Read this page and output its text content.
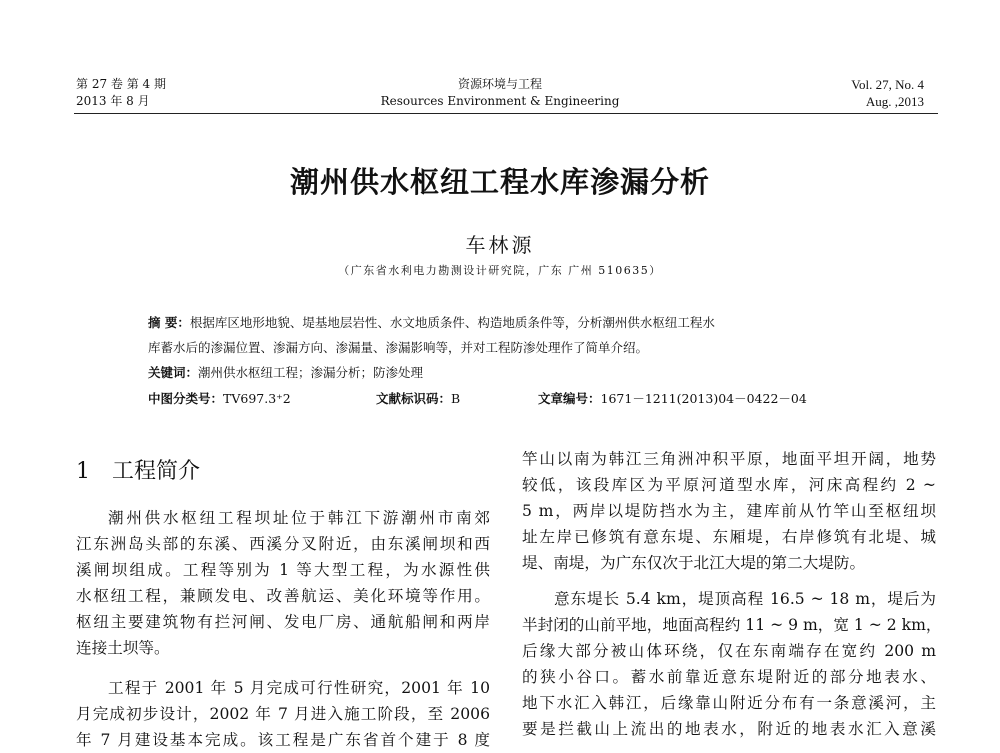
第 27 卷 第 4 期
2013 年 8 月
资源环境与工程
Resources Environment & Engineering
Vol. 27, No. 4
Aug. ,2013
潮州供水枢纽工程水库渗漏分析
车林源
（广东省水利电力勘测设计研究院，广东 广州 510635）
摘 要：根据库区地形地貌、堤基地层岩性、水文地质条件、构造地质条件等，分析潮州供水枢纽工程水
库蓄水后的渗漏位置、渗漏方向、渗漏量、渗漏影响等，并对工程防渗处理作了简单介绍。
关键词：潮州供水枢纽工程；渗漏分析；防渗处理
中图分类号：TV697.3⁺2	文献标识码：B	文章编号：1671－1211(2013)04－0422－04
1 工程简介
潮州供水枢纽工程坝址位于韩江下游潮州市南郊
江东洲岛头部的东溪、西溪分叉附近，由东溪闸坝和西
溪闸坝组成。工程等别为 1 等大型工程，为水源性供
水枢纽工程，兼顾发电、改善航运、美化环境等作用。
枢纽主要建筑物有拦河闸、发电厂房、通航船闸和两岸
连接土坝等。
工程于 2001 年 5 月完成可行性研究，2001 年 10
月完成初步设计，2002 年 7 月进入施工阶段，至 2006
年 7 月建设基本完成。该工程是广东省首个建于 8 度
竿山以南为韩江三角洲冲积平原，地面平坦开阔，地势
较低，该段库区为平原河道型水库，河床高程约 2 ~
5 m，两岸以堤防挡水为主，建库前从竹竿山至枢纽坝
址左岸已修筑有意东堤、东厢堤，右岸修筑有北堤、城
堤、南堤，为广东仅次于北江大堤的第二大堤防。
意东堤长 5.4 km，堤顶高程 16.5 ~ 18 m，堤后为
半封闭的山前平地，地面高程约 11 ~ 9 m，宽 1 ~ 2 km，
后缘大部分被山体环绕，仅在东南端存在宽约 200 m
的狭小谷口。蓄水前靠近意东堤附近的部分地表水、
地下水汇入韩江，后缘靠山附近分布有一条意溪河，主
要是拦截山上流出的地表水，附近的地表水汇入意溪
